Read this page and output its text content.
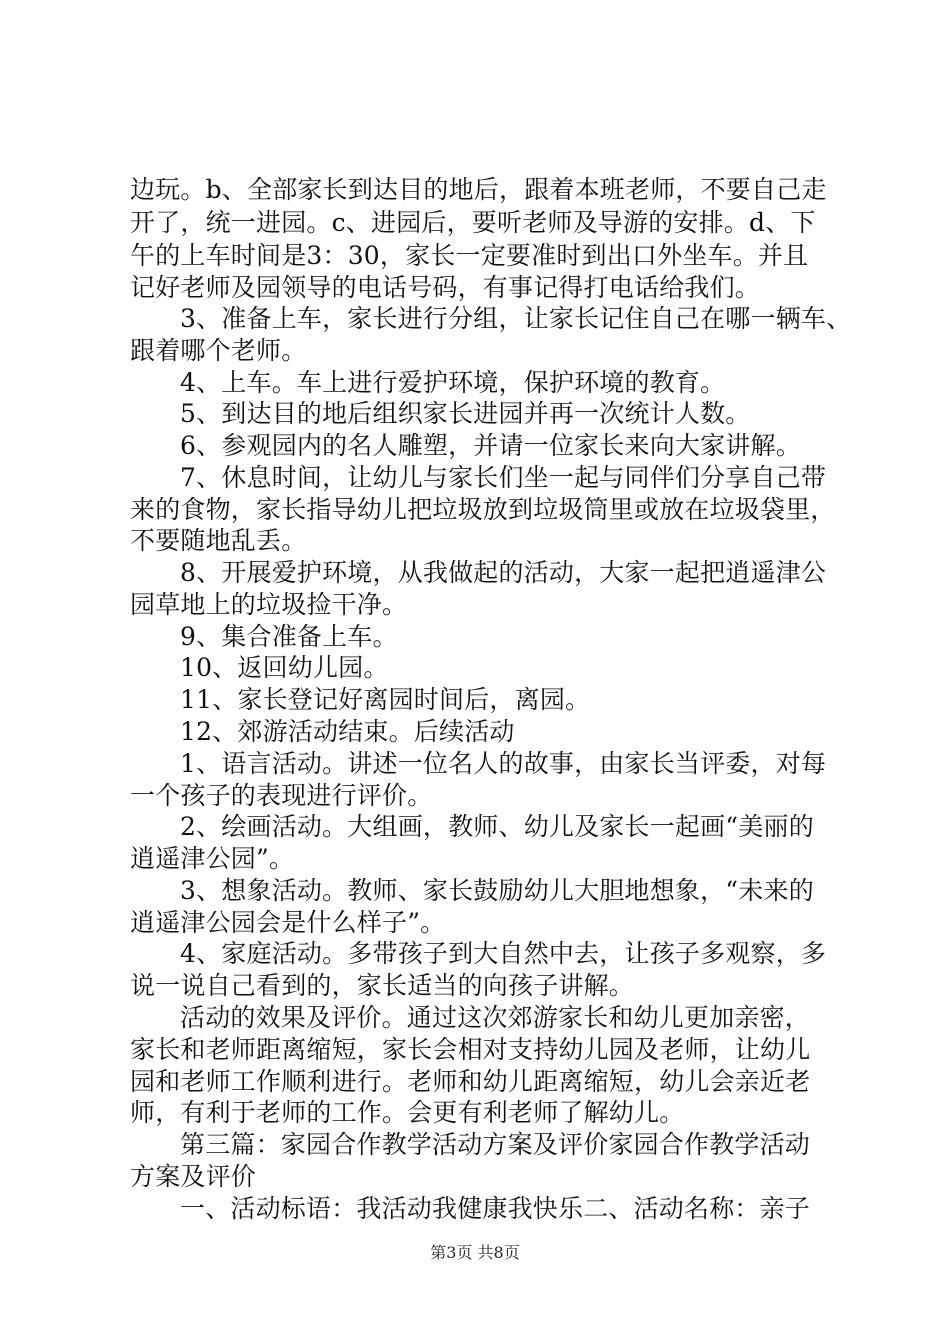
边玩。b、全部家长到达目的地后，跟着本班老师，不要自己走
开了，统一进园。c、进园后，要听老师及导游的安排。d、下
午的上车时间是3：30，家长一定要准时到出口外坐车。并且
记好老师及园领导的电话号码，有事记得打电话给我们。
3、准备上车，家长进行分组，让家长记住自己在哪一辆车、
跟着哪个老师。
4、上车。车上进行爱护环境，保护环境的教育。
5、到达目的地后组织家长进园并再一次统计人数。
6、参观园内的名人雕塑，并请一位家长来向大家讲解。
7、休息时间，让幼儿与家长们坐一起与同伴们分享自己带
来的食物，家长指导幼儿把垃圾放到垃圾筒里或放在垃圾袋里，
不要随地乱丢。
8、开展爱护环境，从我做起的活动，大家一起把逍遥津公
园草地上的垃圾捡干净。
9、集合准备上车。
10、返回幼儿园。
11、家长登记好离园时间后，离园。
12、郊游活动结束。后续活动
1、语言活动。讲述一位名人的故事，由家长当评委，对每
一个孩子的表现进行评价。
2、绘画活动。大组画，教师、幼儿及家长一起画“美丽的
逍遥津公园”。
3、想象活动。教师、家长鼓励幼儿大胆地想象，“未来的
逍遥津公园会是什么样子”。
4、家庭活动。多带孩子到大自然中去，让孩子多观察，多
说一说自己看到的，家长适当的向孩子讲解。
活动的效果及评价。通过这次郊游家长和幼儿更加亲密，
家长和老师距离缩短，家长会相对支持幼儿园及老师，让幼儿
园和老师工作顺利进行。老师和幼儿距离缩短，幼儿会亲近老
师，有利于老师的工作。会更有利老师了解幼儿。
第三篇：家园合作教学活动方案及评价家园合作教学活动
方案及评价
一、活动标语：我活动我健康我快乐二、活动名称：亲子
第3页 共8页
